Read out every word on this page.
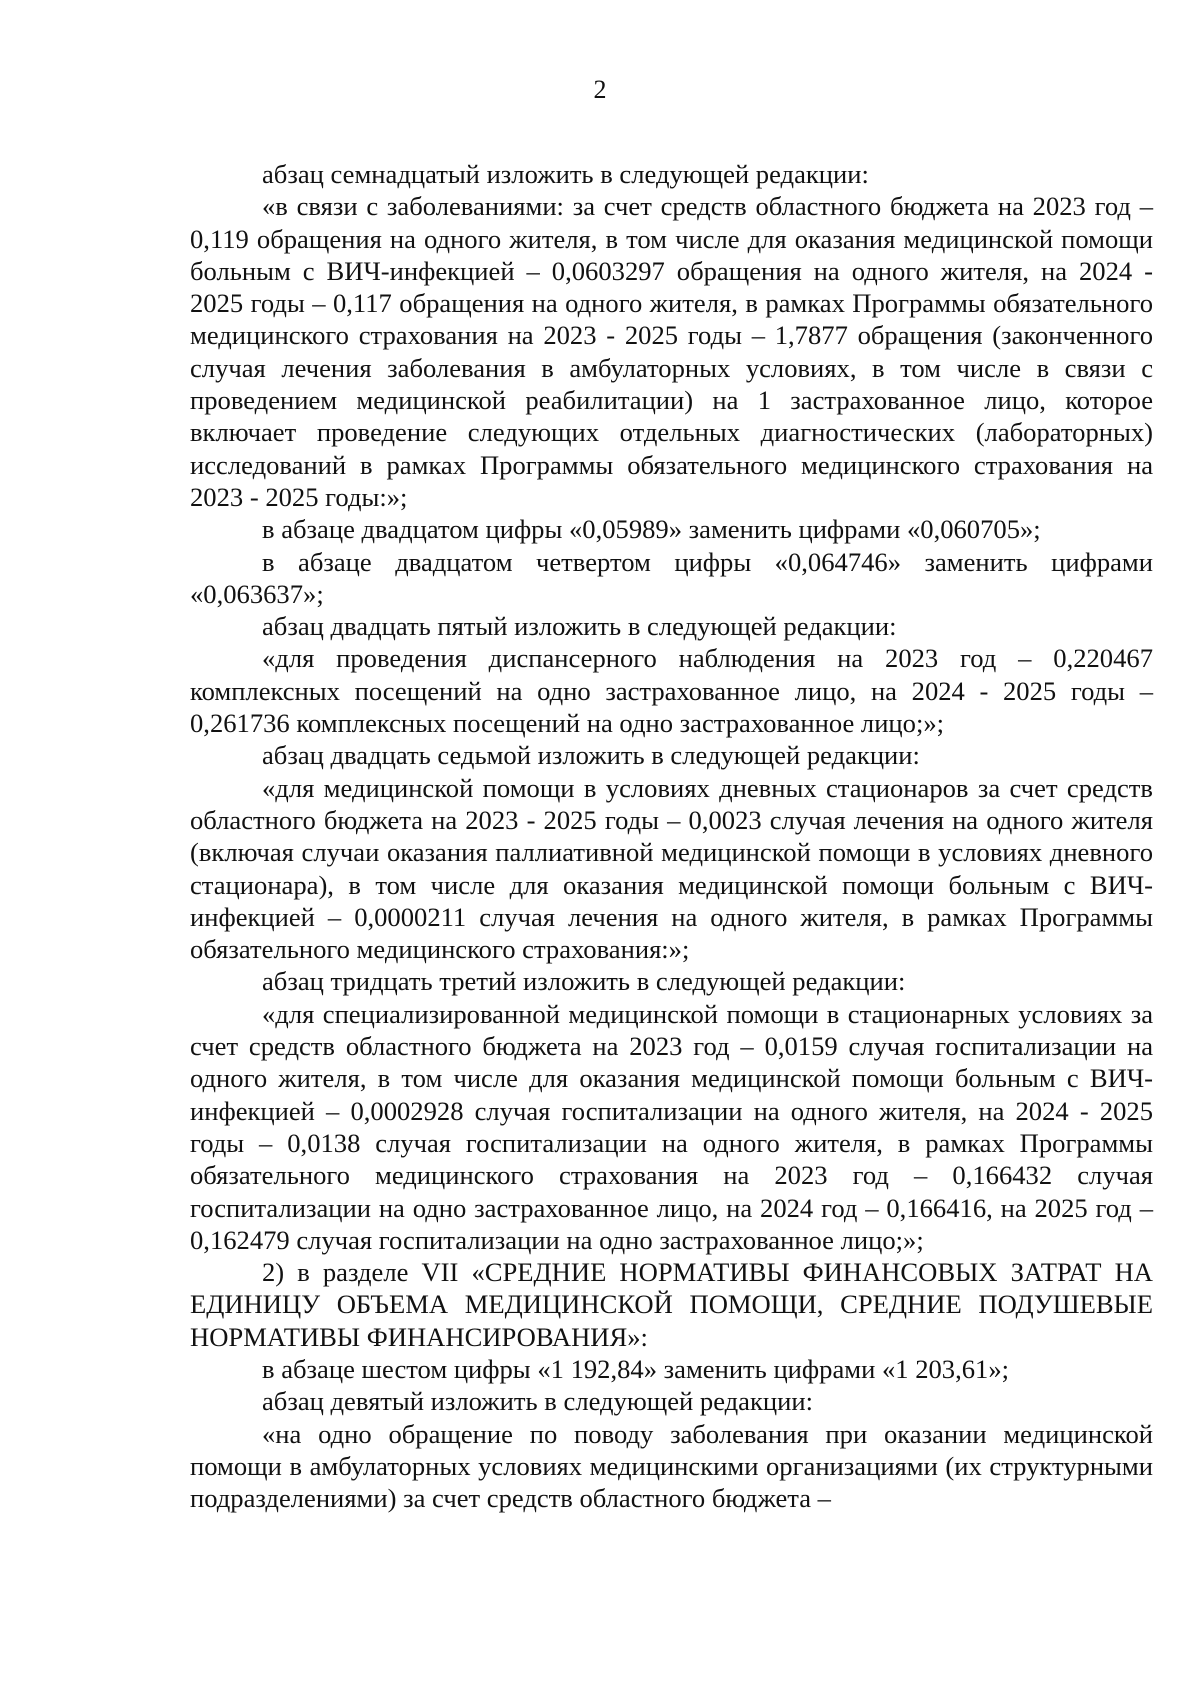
2

абзац семнадцатый изложить в следующей редакции:

«в связи с заболеваниями: за счет средств областного бюджета на 2023 год – 0,119 обращения на одного жителя, в том числе для оказания медицинской помощи больным с ВИЧ-инфекцией – 0,0603297 обращения на одного жителя, на 2024 - 2025 годы – 0,117 обращения на одного жителя, в рамках Программы обязательного медицинского страхования на 2023 - 2025 годы – 1,7877 обращения (законченного случая лечения заболевания в амбулаторных условиях, в том числе в связи с проведением медицинской реабилитации) на 1 застрахованное лицо, которое включает проведение следующих отдельных диагностических (лабораторных) исследований в рамках Программы обязательного медицинского страхования на 2023 - 2025 годы:»;

в абзаце двадцатом цифры «0,05989» заменить цифрами «0,060705»;

в абзаце двадцатом четвертом цифры «0,064746» заменить цифрами «0,063637»;

абзац двадцать пятый изложить в следующей редакции:

«для проведения диспансерного наблюдения на 2023 год – 0,220467 комплексных посещений на одно застрахованное лицо, на 2024 - 2025 годы – 0,261736 комплексных посещений на одно застрахованное лицо;»;

абзац двадцать седьмой изложить в следующей редакции:

«для медицинской помощи в условиях дневных стационаров за счет средств областного бюджета на 2023 - 2025 годы – 0,0023 случая лечения на одного жителя (включая случаи оказания паллиативной медицинской помощи в условиях дневного стационара), в том числе для оказания медицинской помощи больным с ВИЧ-инфекцией – 0,0000211 случая лечения на одного жителя, в рамках Программы обязательного медицинского страхования:»;

абзац тридцать третий изложить в следующей редакции:

«для специализированной медицинской помощи в стационарных условиях за счет средств областного бюджета на 2023 год – 0,0159 случая госпитализации на одного жителя, в том числе для оказания медицинской помощи больным с ВИЧ-инфекцией – 0,0002928 случая госпитализации на одного жителя, на 2024 - 2025 годы – 0,0138 случая госпитализации на одного жителя, в рамках Программы обязательного медицинского страхования на 2023 год – 0,166432 случая госпитализации на одно застрахованное лицо, на 2024 год – 0,166416, на 2025 год – 0,162479 случая госпитализации на одно застрахованное лицо;»;

2) в разделе VII «СРЕДНИЕ НОРМАТИВЫ ФИНАНСОВЫХ ЗАТРАТ НА ЕДИНИЦУ ОБЪЕМА МЕДИЦИНСКОЙ ПОМОЩИ, СРЕДНИЕ ПОДУШЕВЫЕ НОРМАТИВЫ ФИНАНСИРОВАНИЯ»:

в абзаце шестом цифры «1 192,84» заменить цифрами «1 203,61»;

абзац девятый изложить в следующей редакции:

«на одно обращение по поводу заболевания при оказании медицинской помощи в амбулаторных условиях медицинскими организациями (их структурными подразделениями) за счет средств областного бюджета –
